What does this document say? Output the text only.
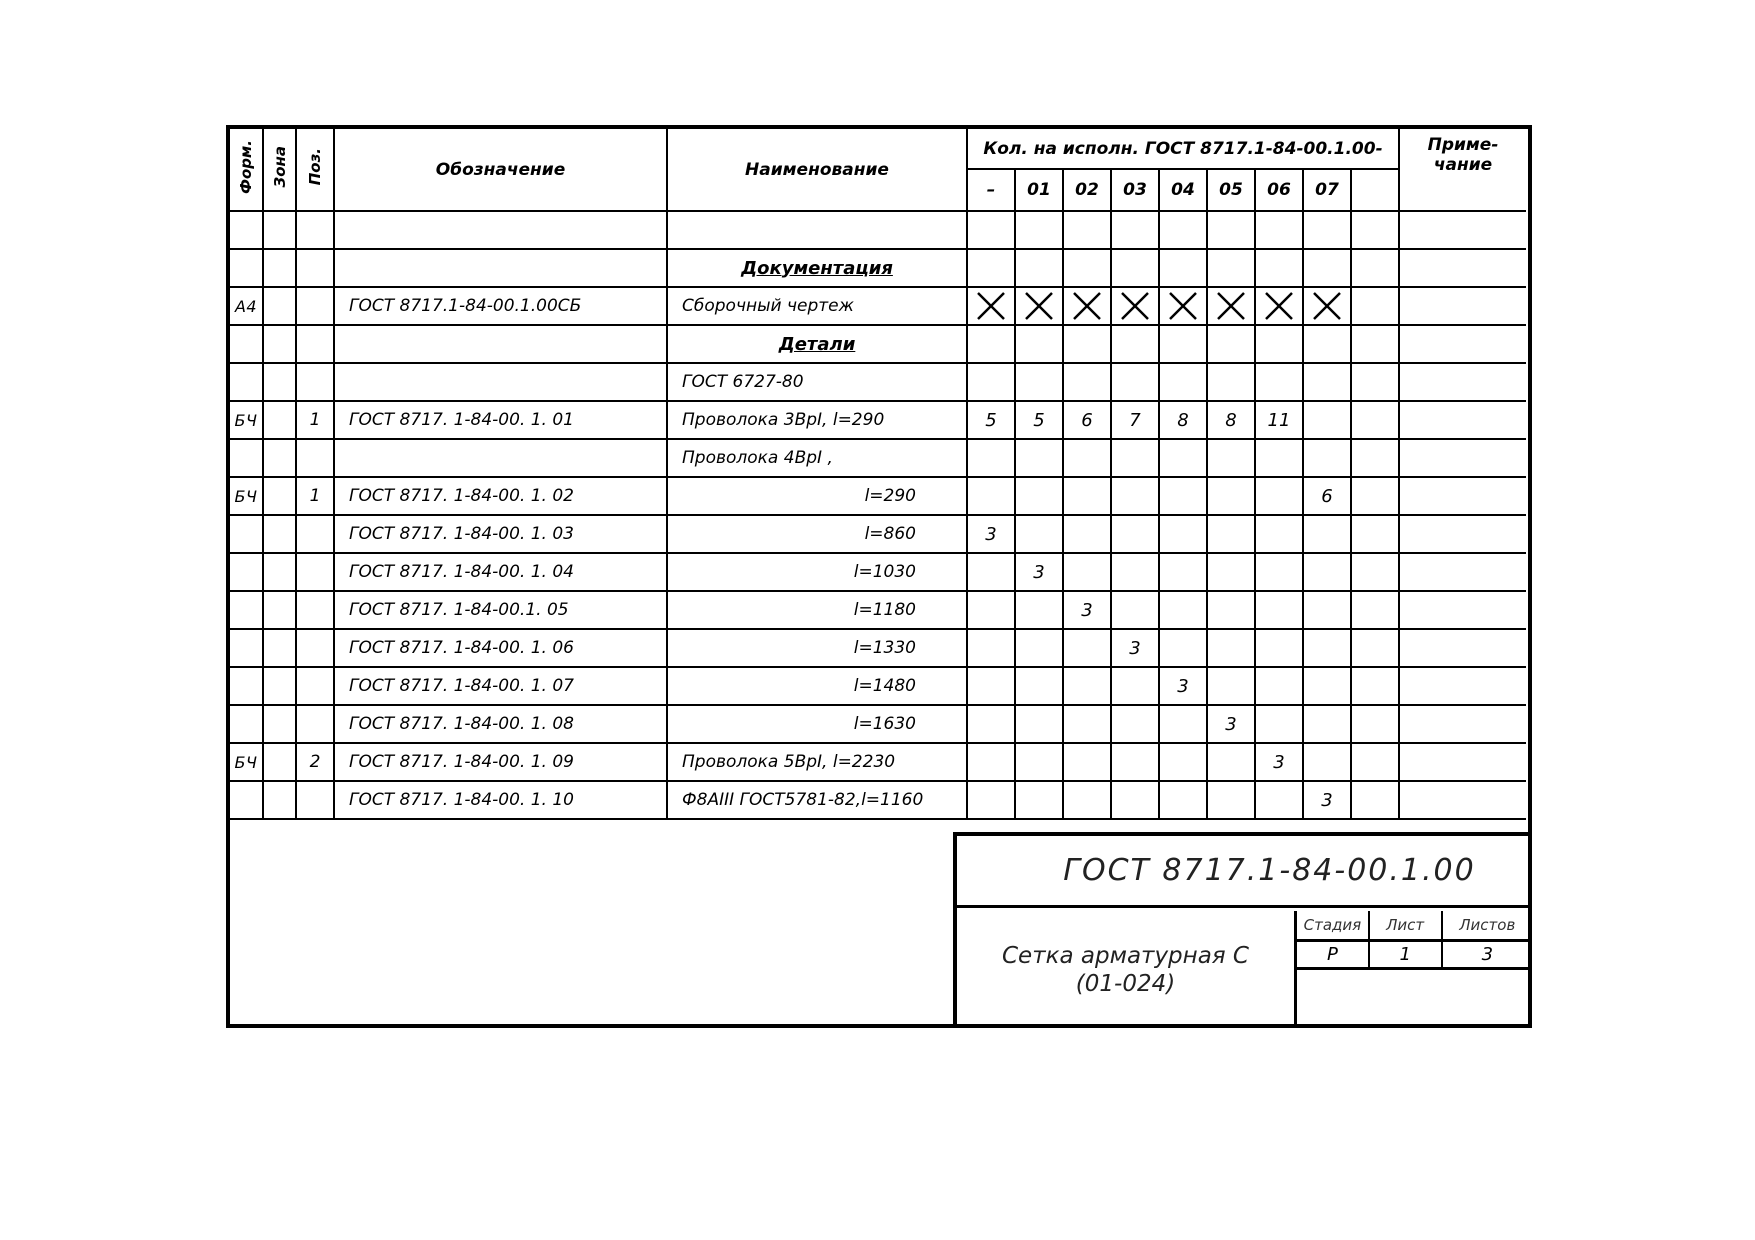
Форм.	Зона	Поз.	Обозначение	Наименование	Кол. на исполн. ГОСТ 8717.1-84-00.1.00-									Приме-
чание

					–	01	02	03	04	05	06	07		

				Документация										
А4			ГОСТ 8717.1-84-00.1.00СБ	Сборочный чертеж	

				Детали										
				ГОСТ 6727-80										
БЧ		1	ГОСТ 8717. 1-84-00. 1. 01	Проволока 3ВрI, l=290	5	5	6	7	8	8	11			
				Проволока 4ВрI ,										
БЧ		1	ГОСТ 8717. 1-84-00. 1. 02	l=290								6		
			ГОСТ 8717. 1-84-00. 1. 03	l=860	3									
			ГОСТ 8717. 1-84-00. 1. 04	l=1030		3								
			ГОСТ 8717. 1-84-00.1. 05	l=1180			3							
			ГОСТ 8717. 1-84-00. 1. 06	l=1330				3						
			ГОСТ 8717. 1-84-00. 1. 07	l=1480					3					
			ГОСТ 8717. 1-84-00. 1. 08	l=1630						3				
БЧ		2	ГОСТ 8717. 1-84-00. 1. 09	Проволока 5ВрI, l=2230							3			
			ГОСТ 8717. 1-84-00. 1. 10	Ф8АIII ГОСТ5781-82,l=1160								3		
ГОСТ 8717.1-84-00.1.00
Сетка арматурная С
(01-024)
Стадия	Лист	Листов
Р	1	3
